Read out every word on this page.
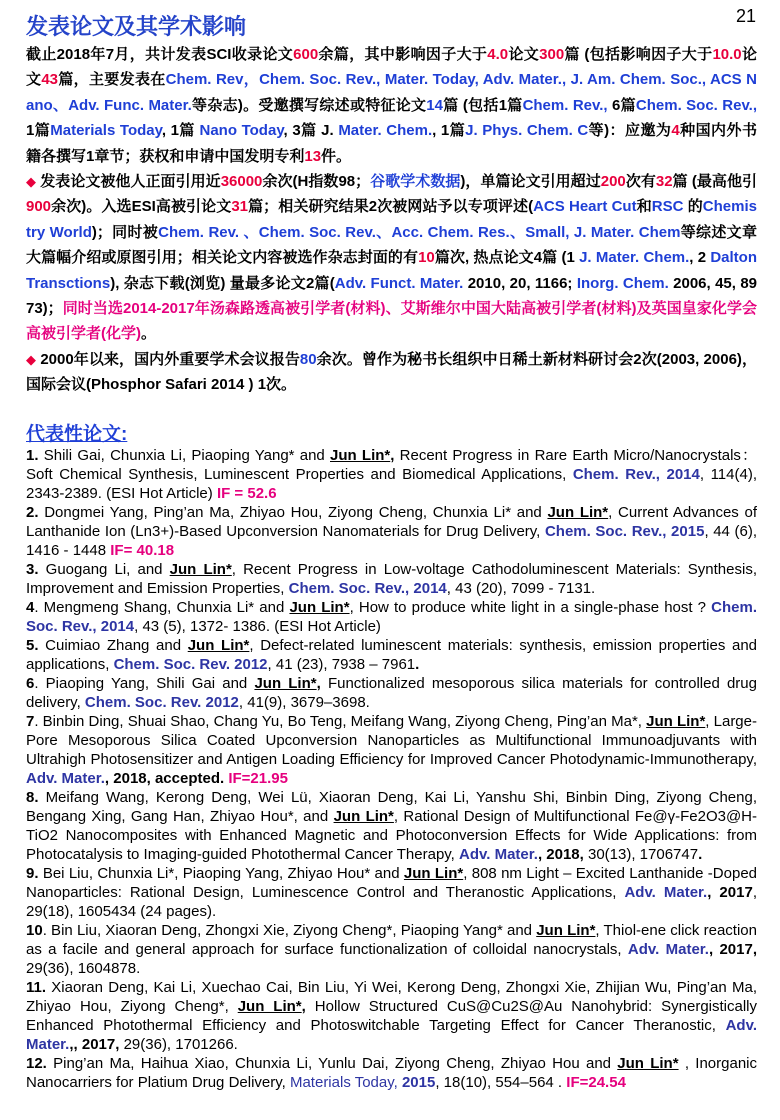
发表论文及其学术影响	21

截止2018年7月，共计发表SCI收录论文600余篇，其中影响因子大于4.0论文300篇 (包括影响因子大于10.0论文43篇，主要发表在Chem. Rev，Chem. Soc. Rev., Mater. Today, Adv. Mater., J. Am. Chem. Soc., ACS Nano、Adv. Func. Mater.等杂志)。受邀撰写综述或特征论文14篇 (包括1篇Chem. Rev., 6篇Chem. Soc. Rev., 1篇Materials Today, 1篇 Nano Today, 3篇 J. Mater. Chem., 1篇J. Phys. Chem. C等)：应邀为4种国内外书籍各撰写1章节；获权和申请中国发明专利13件。

◆ 发表论文被他人正面引用近36000余次(H指数98；谷歌学术数据)，单篇论文引用超过200次有32篇 (最高他引900余次)。入选ESI高被引论文31篇；相关研究结果2次被网站予以专项评述(ACS Heart Cut和RSC 的Chemistry World)；同时被Chem. Rev. 、Chem. Soc. Rev.、Acc. Chem. Res.、Small, J. Mater. Chem等综述文章大篇幅介绍或原图引用；相关论文内容被选作杂志封面的有10篇次, 热点论文4篇 (1 J. Mater. Chem., 2 Dalton Transctions), 杂志下载(浏览) 量最多论文2篇(Adv. Funct. Mater. 2010, 20, 1166; Inorg. Chem. 2006, 45, 8973)；同时当选2014-2017年汤森路透高被引学者(材料)、艾斯维尔中国大陆高被引学者(材料)及英国皇家化学会高被引学者(化学)。

◆ 2000年以来，国内外重要学术会议报告80余次。曾作为秘书长组织中日稀土新材料研讨会2次(2003, 2006)，国际会议(Phosphor Safari 2014 ) 1次。

代表性论文:
1. Shili Gai, Chunxia Li, Piaoping Yang* and Jun Lin*, Recent Progress in Rare Earth Micro/Nanocrystals：Soft Chemical Synthesis, Luminescent Properties and Biomedical Applications, Chem. Rev., 2014, 114(4), 2343-2389. (ESI Hot Article) IF = 52.6
2. Dongmei Yang, Ping’an Ma, Zhiyao Hou, Ziyong Cheng, Chunxia Li* and Jun Lin*, Current Advances of Lanthanide Ion (Ln3+)-Based Upconversion Nanomaterials for Drug Delivery, Chem. Soc. Rev., 2015, 44 (6), 1416 - 1448 IF= 40.18
3. Guogang Li, and Jun Lin*, Recent Progress in Low-voltage Cathodoluminescent Materials: Synthesis, Improvement and Emission Properties, Chem. Soc. Rev., 2014, 43 (20), 7099 - 7131.
4. Mengmeng Shang, Chunxia Li* and Jun Lin*, How to produce white light in a single-phase host ? Chem. Soc. Rev., 2014, 43 (5), 1372- 1386. (ESI Hot Article)
5. Cuimiao Zhang and Jun Lin*, Defect-related luminescent materials: synthesis, emission properties and applications, Chem. Soc. Rev. 2012, 41 (23), 7938 – 7961.
6. Piaoping Yang, Shili Gai and Jun Lin*, Functionalized mesoporous silica materials for controlled drug delivery, Chem. Soc. Rev. 2012, 41(9), 3679–3698.
7. Binbin Ding, Shuai Shao, Chang Yu, Bo Teng, Meifang Wang, Ziyong Cheng, Ping’an Ma*, Jun Lin*, Large-Pore Mesoporous Silica Coated Upconversion Nanoparticles as Multifunctional Immunoadjuvants with Ultrahigh Photosensitizer and Antigen Loading Efficiency for Improved Cancer Photodynamic-Immunotherapy, Adv. Mater., 2018, accepted. IF=21.95
8. Meifang Wang, Kerong Deng, Wei Lü, Xiaoran Deng, Kai Li, Yanshu Shi, Binbin Ding, Ziyong Cheng, Bengang Xing, Gang Han, Zhiyao Hou*, and Jun Lin*, Rational Design of Multifunctional Fe@γ-Fe2O3@H-TiO2 Nanocomposites with Enhanced Magnetic and Photoconversion Effects for Wide Applications: from Photocatalysis to Imaging-guided Photothermal Cancer Therapy, Adv. Mater., 2018, 30(13), 1706747.
9. Bei Liu, Chunxia Li*, Piaoping Yang, Zhiyao Hou* and Jun Lin*, 808 nm Light – Excited Lanthanide -Doped Nanoparticles: Rational Design, Luminescence Control and Theranostic Applications, Adv. Mater., 2017, 29(18), 1605434 (24 pages).
10. Bin Liu, Xiaoran Deng, Zhongxi Xie, Ziyong Cheng*, Piaoping Yang* and Jun Lin*, Thiol-ene click reaction as a facile and general approach for surface functionalization of colloidal nanocrystals, Adv. Mater., 2017, 29(36), 1604878.
11. Xiaoran Deng, Kai Li, Xuechao Cai, Bin Liu, Yi Wei, Kerong Deng, Zhongxi Xie, Zhijian Wu, Ping’an Ma, Zhiyao Hou, Ziyong Cheng*, Jun Lin*, Hollow Structured CuS@Cu2S@Au Nanohybrid: Synergistically Enhanced Photothermal Efficiency and Photoswitchable Targeting Effect for Cancer Theranostic, Adv. Mater.,, 2017, 29(36), 1701266.
12. Ping’an Ma, Haihua Xiao, Chunxia Li, Yunlu Dai, Ziyong Cheng, Zhiyao Hou and Jun Lin* , Inorganic Nanocarriers for Platium Drug Delivery, Materials Today, 2015, 18(10), 554–564 . IF=24.54
